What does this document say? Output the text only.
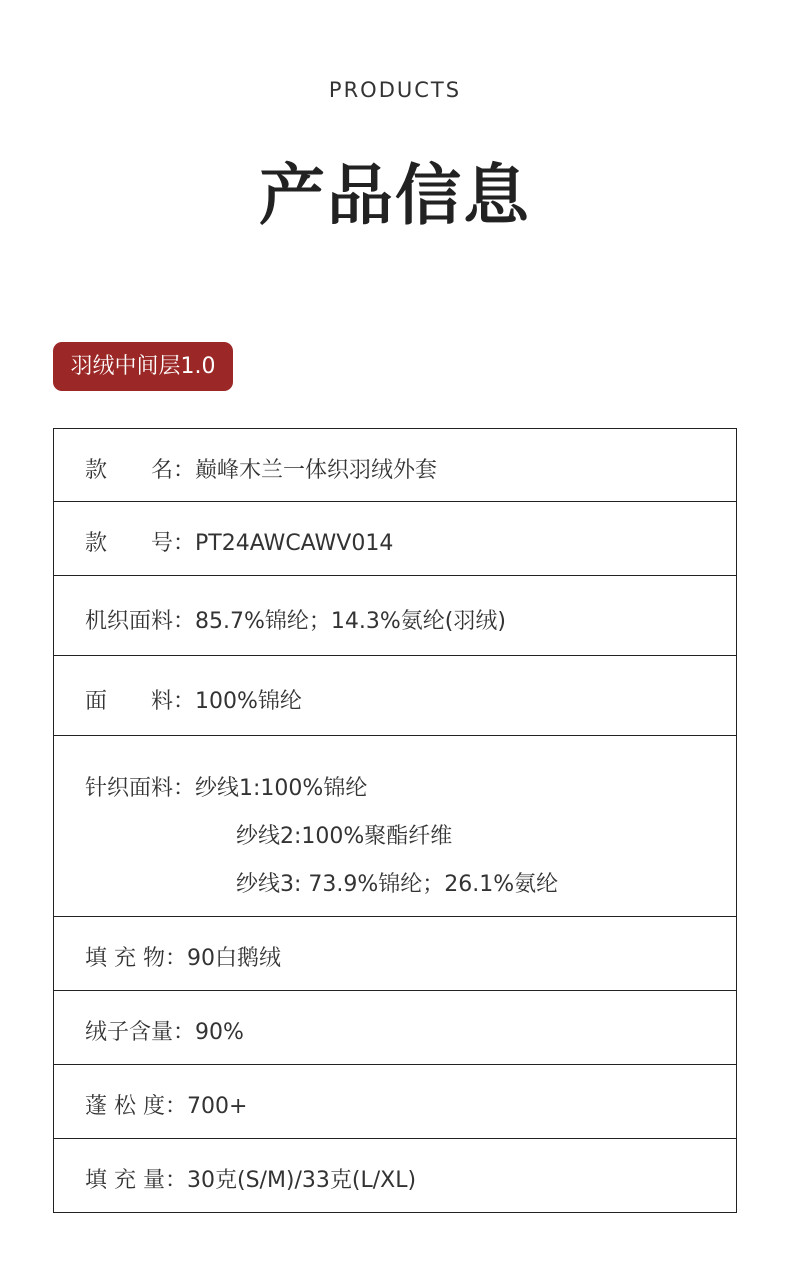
PRODUCTS
产品信息
羽绒中间层1.0
款　　名：巅峰木兰一体织羽绒外套
款　　号：PT24AWCAWV014
机织面料：85.7%锦纶；14.3%氨纶(羽绒)
面　　料：100%锦纶
针织面料：纱线1:100%锦纶
纱线2:100%聚酯纤维
纱线3: 73.9%锦纶；26.1%氨纶
填 充 物：90白鹅绒
绒子含量：90%
蓬 松 度：700+
填 充 量：30克(S/M)/33克(L/XL)
